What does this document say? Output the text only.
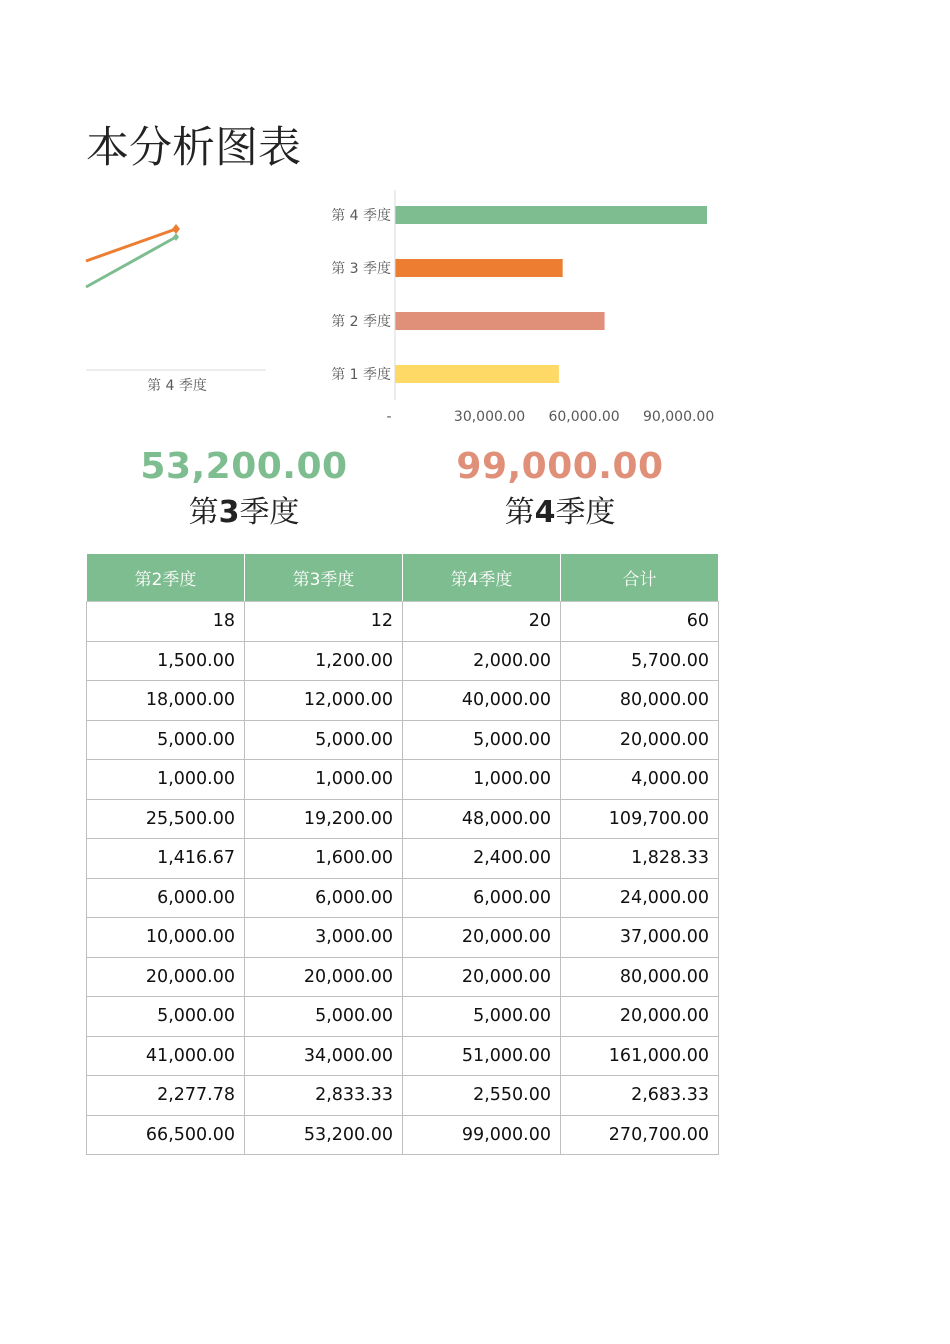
本分析图表
第 4 季度
第 4 季度
第 3 季度
第 2 季度
第 1 季度
-	30,000.00 60,000.00 90,000.00
53,200.00
第3季度
99,000.00
第4季度
第2季度	第3季度	第4季度	合计
18	12	20	60
1,500.00	1,200.00	2,000.00	5,700.00
18,000.00	12,000.00	40,000.00	80,000.00
5,000.00	5,000.00	5,000.00	20,000.00
1,000.00	1,000.00	1,000.00	4,000.00
25,500.00	19,200.00	48,000.00	109,700.00
1,416.67	1,600.00	2,400.00	1,828.33
6,000.00	6,000.00	6,000.00	24,000.00
10,000.00	3,000.00	20,000.00	37,000.00
20,000.00	20,000.00	20,000.00	80,000.00
5,000.00	5,000.00	5,000.00	20,000.00
41,000.00	34,000.00	51,000.00	161,000.00
2,277.78	2,833.33	2,550.00	2,683.33
66,500.00	53,200.00	99,000.00	270,700.00
